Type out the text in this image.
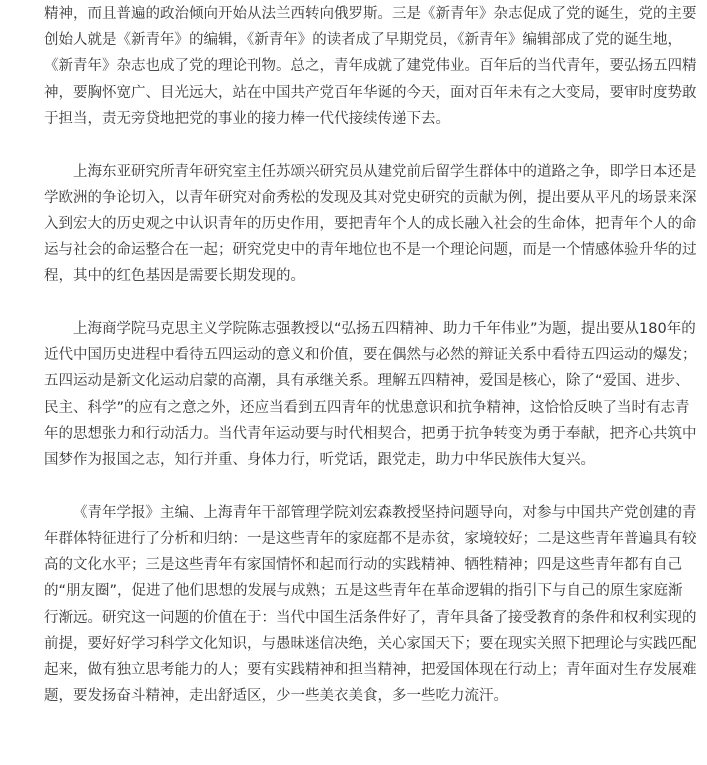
精神，而且普遍的政治倾向开始从法兰西转向俄罗斯。三是《新青年》杂志促成了党的诞生，党的主要
创始人就是《新青年》的编辑，《新青年》的读者成了早期党员，《新青年》编辑部成了党的诞生地，
《新青年》杂志也成了党的理论刊物。总之，青年成就了建党伟业。百年后的当代青年，要弘扬五四精
神，要胸怀宽广、目光远大，站在中国共产党百年华诞的今天，面对百年未有之大变局，要审时度势敢
于担当，责无旁贷地把党的事业的接力棒一代代接续传递下去。

上海东亚研究所青年研究室主任苏颂兴研究员从建党前后留学生群体中的道路之争，即学日本还是
学欧洲的争论切入，以青年研究对俞秀松的发现及其对党史研究的贡献为例，提出要从平凡的场景来深
入到宏大的历史观之中认识青年的历史作用，要把青年个人的成长融入社会的生命体，把青年个人的命
运与社会的命运整合在一起；研究党史中的青年地位也不是一个理论问题，而是一个情感体验升华的过
程，其中的红色基因是需要长期发现的。

上海商学院马克思主义学院陈志强教授以“弘扬五四精神、助力千年伟业”为题，提出要从180年的
近代中国历史进程中看待五四运动的意义和价值，要在偶然与必然的辩证关系中看待五四运动的爆发；
五四运动是新文化运动启蒙的高潮，具有承继关系。理解五四精神，爱国是核心，除了“爱国、进步、
民主、科学”的应有之意之外，还应当看到五四青年的忧患意识和抗争精神，这恰恰反映了当时有志青
年的思想张力和行动活力。当代青年运动要与时代相契合，把勇于抗争转变为勇于奉献，把齐心共筑中
国梦作为报国之志，知行并重、身体力行，听党话，跟党走，助力中华民族伟大复兴。

《青年学报》主编、上海青年干部管理学院刘宏森教授坚持问题导向，对参与中国共产党创建的青
年群体特征进行了分析和归纳：一是这些青年的家庭都不是赤贫，家境较好；二是这些青年普遍具有较
高的文化水平；三是这些青年有家国情怀和起而行动的实践精神、牺牲精神；四是这些青年都有自己
的“朋友圈”，促进了他们思想的发展与成熟；五是这些青年在革命逻辑的指引下与自己的原生家庭渐
行渐远。研究这一问题的价值在于：当代中国生活条件好了，青年具备了接受教育的条件和权利实现的
前提，要好好学习科学文化知识，与愚昧迷信决绝，关心家国天下；要在现实关照下把理论与实践匹配
起来，做有独立思考能力的人；要有实践精神和担当精神，把爱国体现在行动上；青年面对生存发展难
题，要发扬奋斗精神，走出舒适区，少一些美衣美食，多一些吃力流汗。
